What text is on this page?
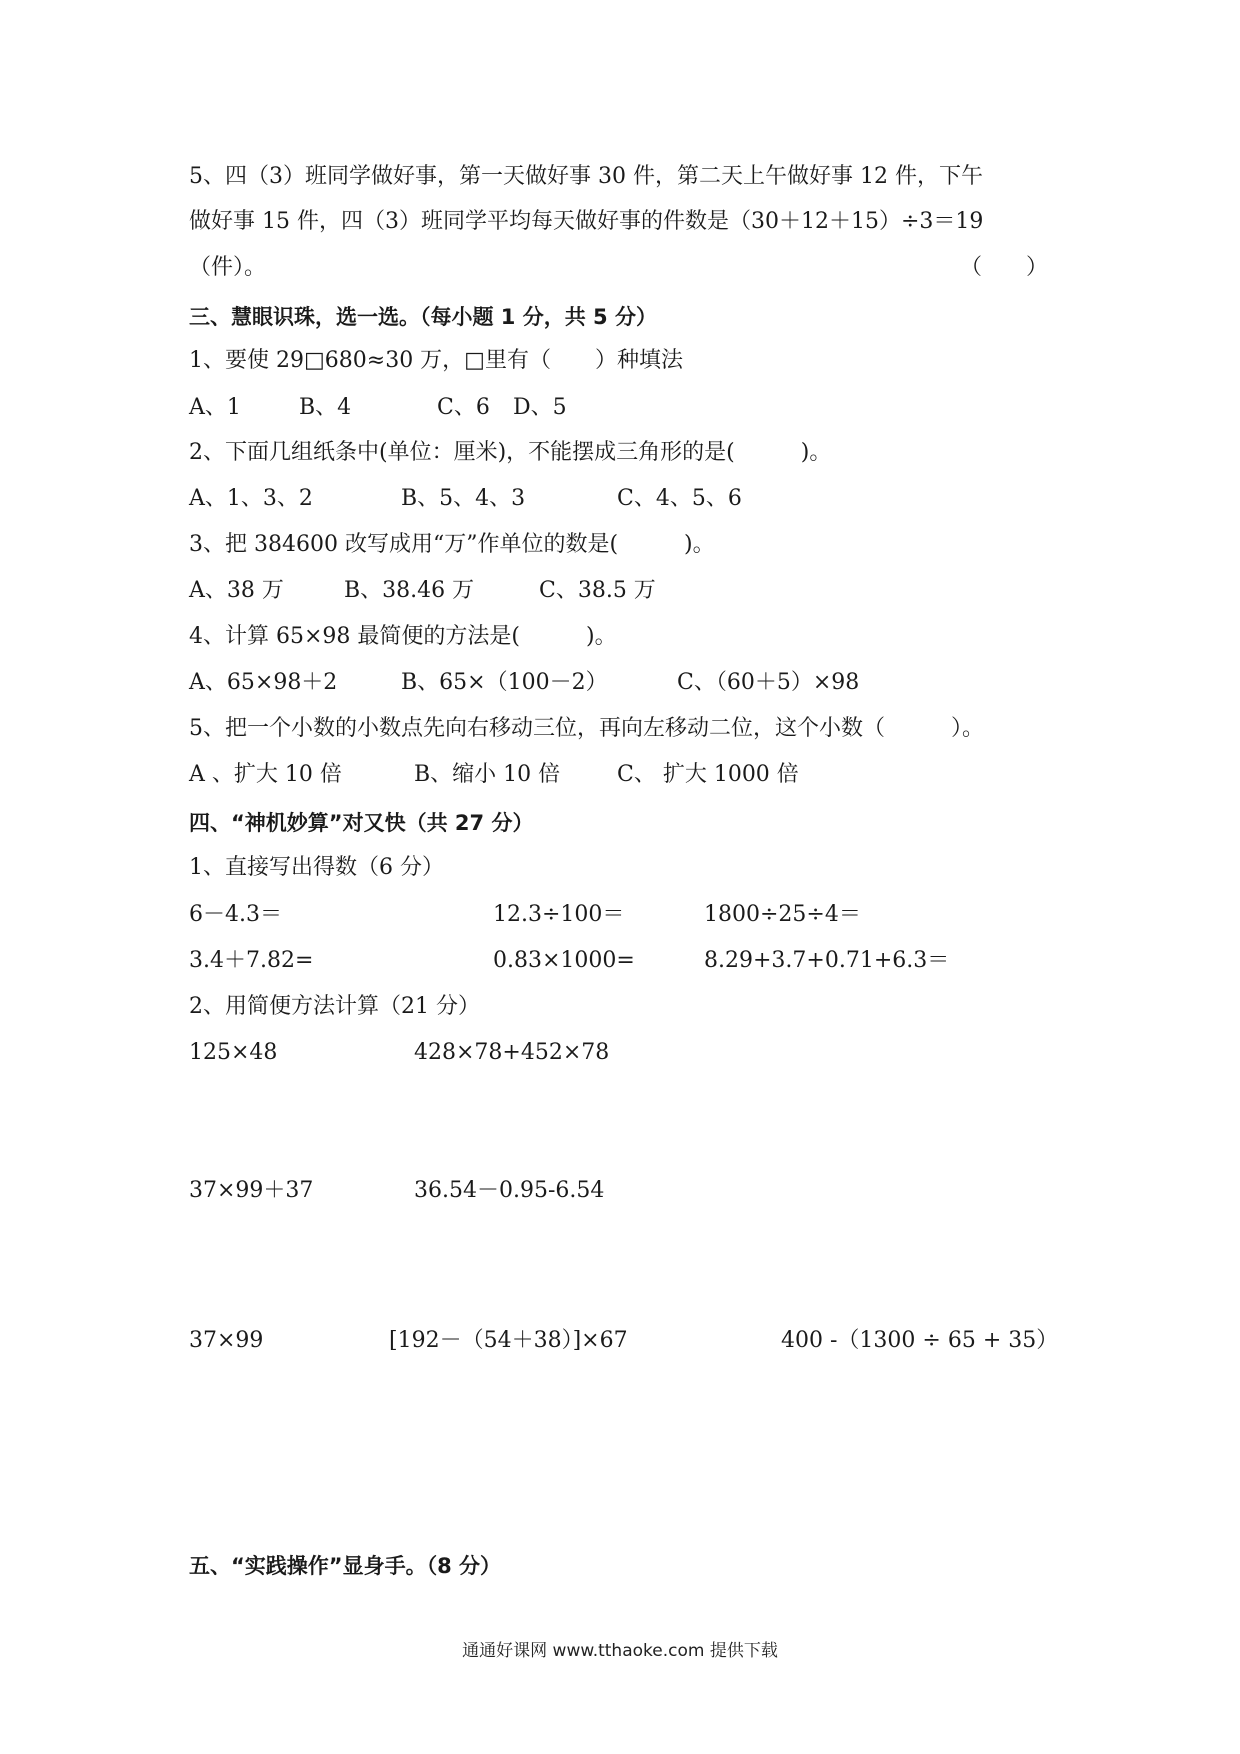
5、四（3）班同学做好事，第一天做好事 30 件，第二天上午做好事 12 件，下午
做好事 15 件，四（3）班同学平均每天做好事的件数是（30＋12＋15）÷3＝19
（件）。	（　　）
三、慧眼识珠，选一选。（每小题 1 分，共 5 分）
1、要使 29□680≈30 万，□里有（　　）种填法
A、1	B、4	C、6 D、5
2、下面几组纸条中(单位：厘米)，不能摆成三角形的是(　　　)。
A、1、3、2	B、5、4、3	C、4、5、6
3、把 384600 改写成用“万”作单位的数是(　　　)。
A、38 万	B、38.46 万	C、38.5 万
4、计算 65×98 最简便的方法是(　　　)。
A、65×98＋2	B、65×（100－2）	C、（60＋5）×98
5、把一个小数的小数点先向右移动三位，再向左移动二位，这个小数（　　　）。
A 、扩大 10 倍	B、缩小 10 倍	C、 扩大 1000 倍
四、“神机妙算”对又快（共 27 分）
1、直接写出得数（6 分）
6－4.3＝	12.3÷100＝	1800÷25÷4＝
3.4＋7.82=	0.83×1000=	8.29+3.7+0.71+6.3＝
2、用简便方法计算（21 分）
125×48	428×78+452×78
37×99＋37	36.54－0.95-6.54
37×99	[192－（54＋38）]×67	400 -（1300 ÷ 65 + 35）
五、“实践操作”显身手。（8 分）
通通好课网 www.tthaoke.com 提供下载
